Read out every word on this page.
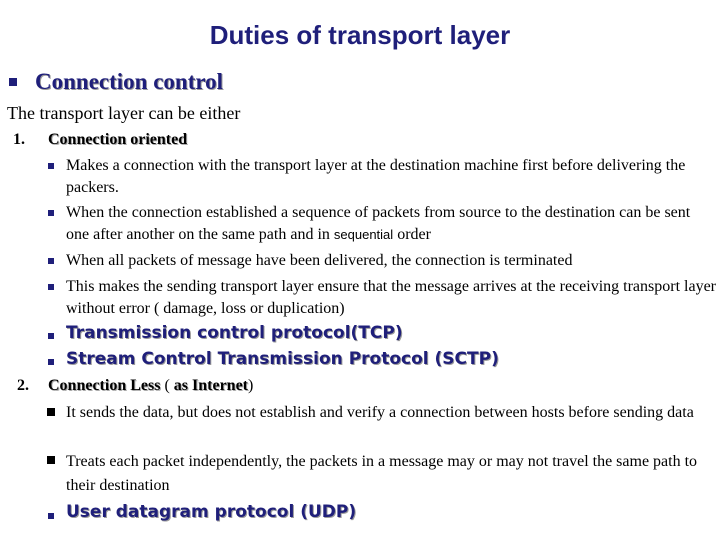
Duties of transport layer
Connection control
The transport layer can be either
1. Connection oriented
Makes a connection with the transport layer at the destination machine first before delivering the packers.
When the connection established a sequence of packets from source to the destination can be sent one after another on the same path and in sequential order
When all packets of message have been delivered, the connection is terminated
This makes the sending transport layer ensure that the message arrives at the receiving transport layer without error ( damage, loss or duplication)
Transmission control protocol(TCP)
Stream Control Transmission Protocol (SCTP)
2. Connection Less ( as Internet)
It sends the data, but does not establish and verify a connection between hosts before sending data
Treats each packet independently, the packets in a message may or may not travel the same path to their destination
User datagram protocol (UDP)
